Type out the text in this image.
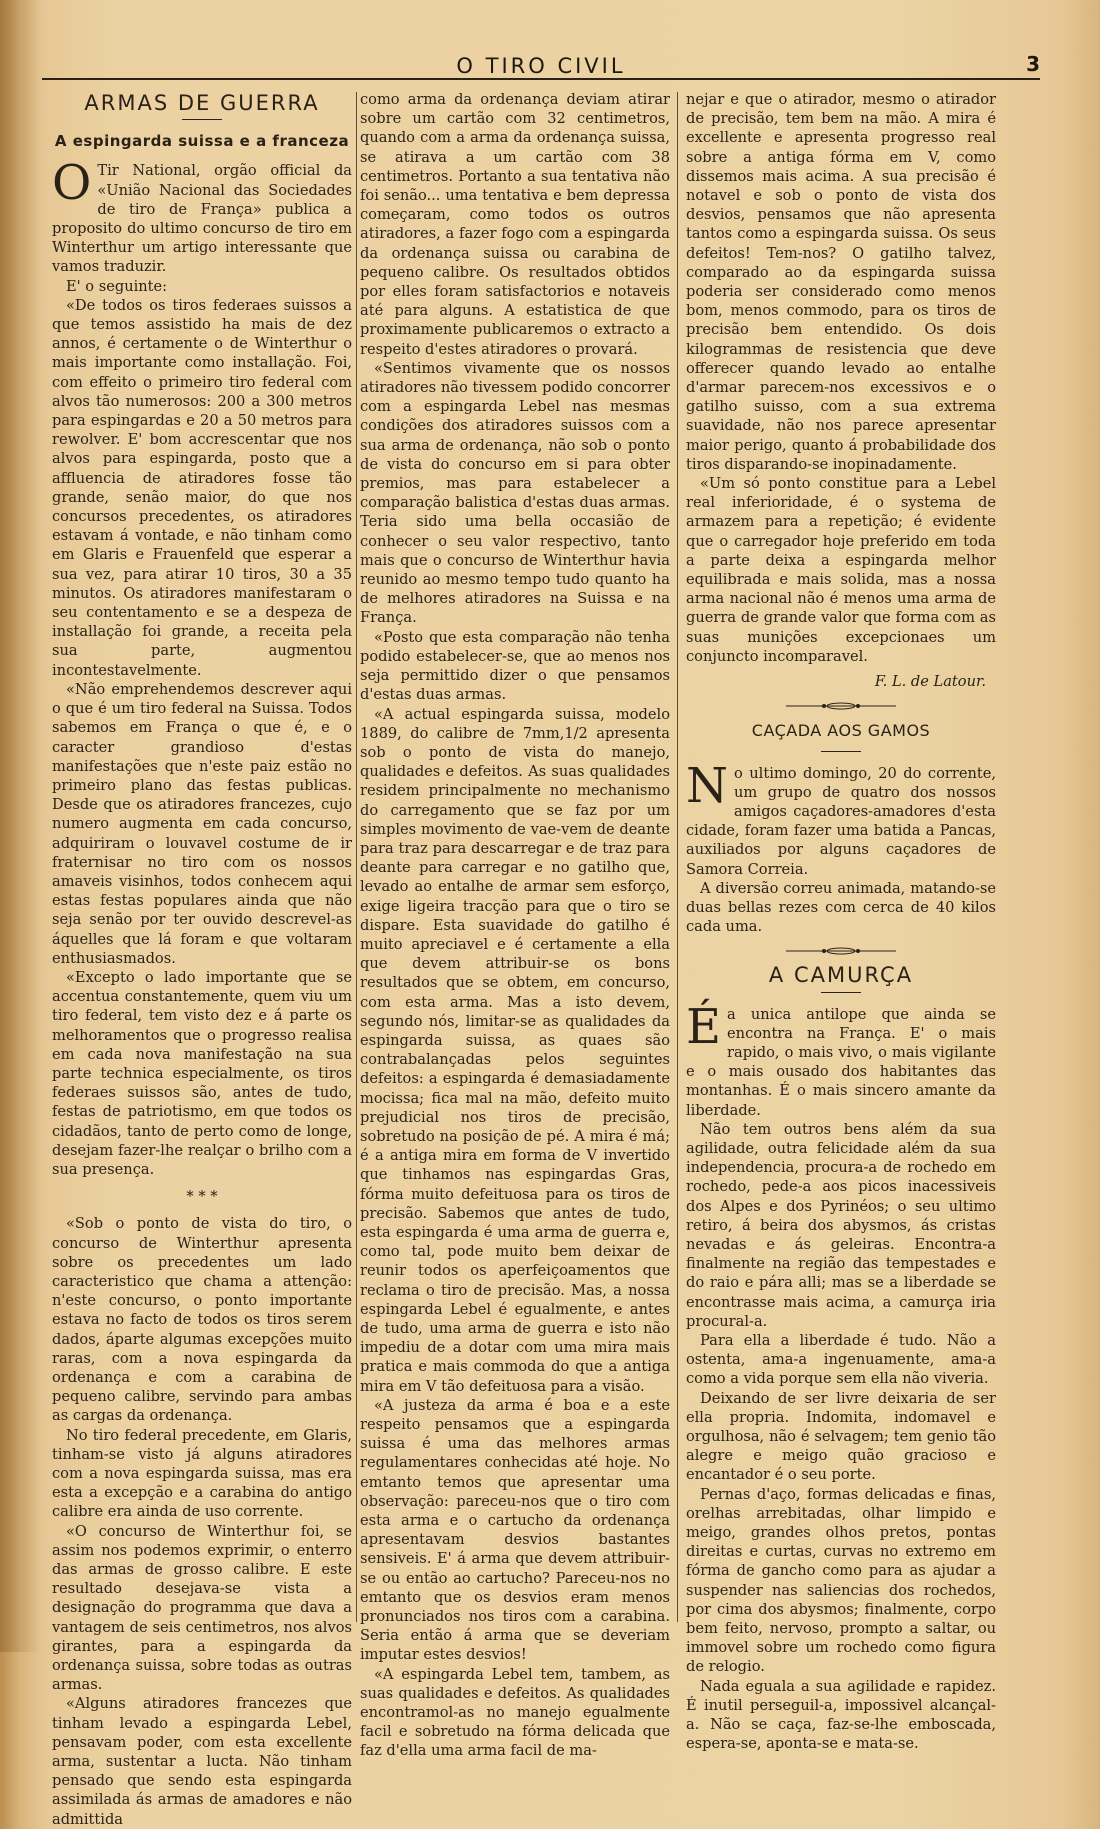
O TIRO CIVIL	3
ARMAS DE GUERRA
A espingarda suissa e a franceza
O Tir National, orgão official da «União Nacional das Sociedades de tiro de França» publica a proposito do ultimo concurso de tiro em Winterthur um artigo interessante que vamos traduzir.

E' o seguinte:

«De todos os tiros federaes suissos a que temos assistido ha mais de dez annos, é certamente o de Winterthur o mais importante como installação. Foi, com effeito o primeiro tiro federal com alvos tão numerosos: 200 a 300 metros para espingardas e 20 a 50 metros para rewolver. E' bom accrescentar que nos alvos para espingarda, posto que a affluencia de atiradores fosse tão grande, senão maior, do que nos concursos precedentes, os atiradores estavam á vontade, e não tinham como em Glaris e Frauenfeld que esperar a sua vez, para atirar 10 tiros, 30 a 35 minutos. Os atiradores manifestaram o seu contentamento e se a despeza de installação foi grande, a receita pela sua parte, augmentou incontestavelmente.

«Não emprehendemos descrever aqui o que é um tiro federal na Suissa. Todos sabemos em França o que é, e o caracter grandioso d'estas manifestações que n'este paiz estão no primeiro plano das festas publicas. Desde que os atiradores francezes, cujo numero augmenta em cada concurso, adquiriram o louvavel costume de ir fraternisar no tiro com os nossos amaveis visinhos, todos conhecem aqui estas festas populares ainda que não seja senão por ter ouvido descrevel-as áquelles que lá foram e que voltaram enthusiasmados.

«Excepto o lado importante que se accentua constantemente, quem viu um tiro federal, tem visto dez e á parte os melhoramentos que o progresso realisa em cada nova manifestação na sua parte technica especialmente, os tiros federaes suissos são, antes de tudo, festas de patriotismo, em que todos os cidadãos, tanto de perto como de longe, desejam fazer-lhe realçar o brilho com a sua presença.

* * *

«Sob o ponto de vista do tiro, o concurso de Winterthur apresenta sobre os precedentes um lado caracteristico que chama a attenção: n'este concurso, o ponto importante estava no facto de todos os tiros serem dados, áparte algumas excepções muito raras, com a nova espingarda da ordenança e com a carabina de pequeno calibre, servindo para ambas as cargas da ordenança.

No tiro federal precedente, em Glaris, tinham-se visto já alguns atiradores com a nova espingarda suissa, mas era esta a excepção e a carabina do antigo calibre era ainda de uso corrente.

«O concurso de Winterthur foi, se assim nos podemos exprimir, o enterro das armas de grosso calibre. E este resultado desejava-se vista a designação do programma que dava a vantagem de seis centimetros, nos alvos girantes, para a espingarda da ordenança suissa, sobre todas as outras armas.

«Alguns atiradores francezes que tinham levado a espingarda Lebel, pensavam poder, com esta excellente arma, sustentar a lucta. Não tinham pensado que sendo esta espingarda assimilada ás armas de amadores e não admittida

como arma da ordenança deviam atirar sobre um cartão com 32 centimetros, quando com a arma da ordenança suissa, se atirava a um cartão com 38 centimetros. Portanto a sua tentativa não foi senão... uma tentativa e bem depressa começaram, como todos os outros atiradores, a fazer fogo com a espingarda da ordenança suissa ou carabina de pequeno calibre. Os resultados obtidos por elles foram satisfactorios e notaveis até para alguns. A estatistica de que proximamente publicaremos o extracto a respeito d'estes atiradores o provará.

«Sentimos vivamente que os nossos atiradores não tivessem podido concorrer com a espingarda Lebel nas mesmas condições dos atiradores suissos com a sua arma de ordenança, não sob o ponto de vista do concurso em si para obter premios, mas para estabelecer a comparação balistica d'estas duas armas. Teria sido uma bella occasião de conhecer o seu valor respectivo, tanto mais que o concurso de Winterthur havia reunido ao mesmo tempo tudo quanto ha de melhores atiradores na Suissa e na França.

«Posto que esta comparação não tenha podido estabelecer-se, que ao menos nos seja permittido dizer o que pensamos d'estas duas armas.

«A actual espingarda suissa, modelo 1889, do calibre de 7mm,1/2 apresenta sob o ponto de vista do manejo, qualidades e defeitos. As suas qualidades residem principalmente no mechanismo do carregamento que se faz por um simples movimento de vae-vem de deante para traz para descarregar e de traz para deante para carregar e no gatilho que, levado ao entalhe de armar sem esforço, exige ligeira tracção para que o tiro se dispare. Esta suavidade do gatilho é muito apreciavel e é certamente a ella que devem attribuir-se os bons resultados que se obtem, em concurso, com esta arma. Mas a isto devem, segundo nós, limitar-se as qualidades da espingarda suissa, as quaes são contrabalançadas pelos seguintes defeitos: a espingarda é demasiadamente mocissa; fica mal na mão, defeito muito prejudicial nos tiros de precisão, sobretudo na posição de pé. A mira é má; é a antiga mira em forma de V invertido que tinhamos nas espingardas Gras, fórma muito defeituosa para os tiros de precisão. Sabemos que antes de tudo, esta espingarda é uma arma de guerra e, como tal, pode muito bem deixar de reunir todos os aperfeiçoamentos que reclama o tiro de precisão. Mas, a nossa espingarda Lebel é egualmente, e antes de tudo, uma arma de guerra e isto não impediu de a dotar com uma mira mais pratica e mais commoda do que a antiga mira em V tão defeituosa para a visão.

«A justeza da arma é boa e a este respeito pensamos que a espingarda suissa é uma das melhores armas regulamentares conhecidas até hoje. No emtanto temos que apresentar uma observação: pareceu-nos que o tiro com esta arma e o cartucho da ordenança apresentavam desvios bastantes sensiveis. E' á arma que devem attribuir-se ou então ao cartucho? Pareceu-nos no emtanto que os desvios eram menos pronunciados nos tiros com a carabina. Seria então á arma que se deveriam imputar estes desvios!

«A espingarda Lebel tem, tambem, as suas qualidades e defeitos. As qualidades encontramol-as no manejo egualmente facil e sobretudo na fórma delicada que faz d'ella uma arma facil de ma-

nejar e que o atirador, mesmo o atirador de precisão, tem bem na mão. A mira é excellente e apresenta progresso real sobre a antiga fórma em V, como dissemos mais acima. A sua precisão é notavel e sob o ponto de vista dos desvios, pensamos que não apresenta tantos como a espingarda suissa. Os seus defeitos! Tem-nos? O gatilho talvez, comparado ao da espingarda suissa poderia ser considerado como menos bom, menos commodo, para os tiros de precisão bem entendido. Os dois kilogrammas de resistencia que deve offerecer quando levado ao entalhe d'armar parecem-nos excessivos e o gatilho suisso, com a sua extrema suavidade, não nos parece apresentar maior perigo, quanto á probabilidade dos tiros disparando-se inopinadamente.

«Um só ponto constitue para a Lebel real inferioridade, é o systema de armazem para a repetição; é evidente que o carregador hoje preferido em toda a parte deixa a espingarda melhor equilibrada e mais solida, mas a nossa arma nacional não é menos uma arma de guerra de grande valor que forma com as suas munições excepcionaes um conjuncto incomparavel.

F. L. de Latour.

CAÇADA AOS GAMOS
N o ultimo domingo, 20 do corrente, um grupo de quatro dos nossos amigos caçadores-amadores d'esta cidade, foram fazer uma batida a Pancas, auxiliados por alguns caçadores de Samora Correia.

A diversão correu animada, matando-se duas bellas rezes com cerca de 40 kilos cada uma.

A CAMURÇA
É a unica antilope que ainda se encontra na França. E' o mais rapido, o mais vivo, o mais vigilante e o mais ousado dos habitantes das montanhas. É o mais sincero amante da liberdade.

Não tem outros bens além da sua agilidade, outra felicidade além da sua independencia, procura-a de rochedo em rochedo, pede-a aos picos inacessiveis dos Alpes e dos Pyrinéos; o seu ultimo retiro, á beira dos abysmos, ás cristas nevadas e ás geleiras. Encontra-a finalmente na região das tempestades e do raio e pára alli; mas se a liberdade se encontrasse mais acima, a camurça iria procural-a.

Para ella a liberdade é tudo. Não a ostenta, ama-a ingenuamente, ama-a como a vida porque sem ella não viveria.

Deixando de ser livre deixaria de ser ella propria. Indomita, indomavel e orgulhosa, não é selvagem; tem genio tão alegre e meigo quão gracioso e encantador é o seu porte.

Pernas d'aço, formas delicadas e finas, orelhas arrebitadas, olhar limpido e meigo, grandes olhos pretos, pontas direitas e curtas, curvas no extremo em fórma de gancho como para as ajudar a suspender nas saliencias dos rochedos, por cima dos abysmos; finalmente, corpo bem feito, nervoso, prompto a saltar, ou immovel sobre um rochedo como figura de relogio.

Nada eguala a sua agilidade e rapidez. É inutil perseguil-a, impossivel alcançal-a. Não se caça, faz-se-lhe emboscada, espera-se, aponta-se e mata-se.
